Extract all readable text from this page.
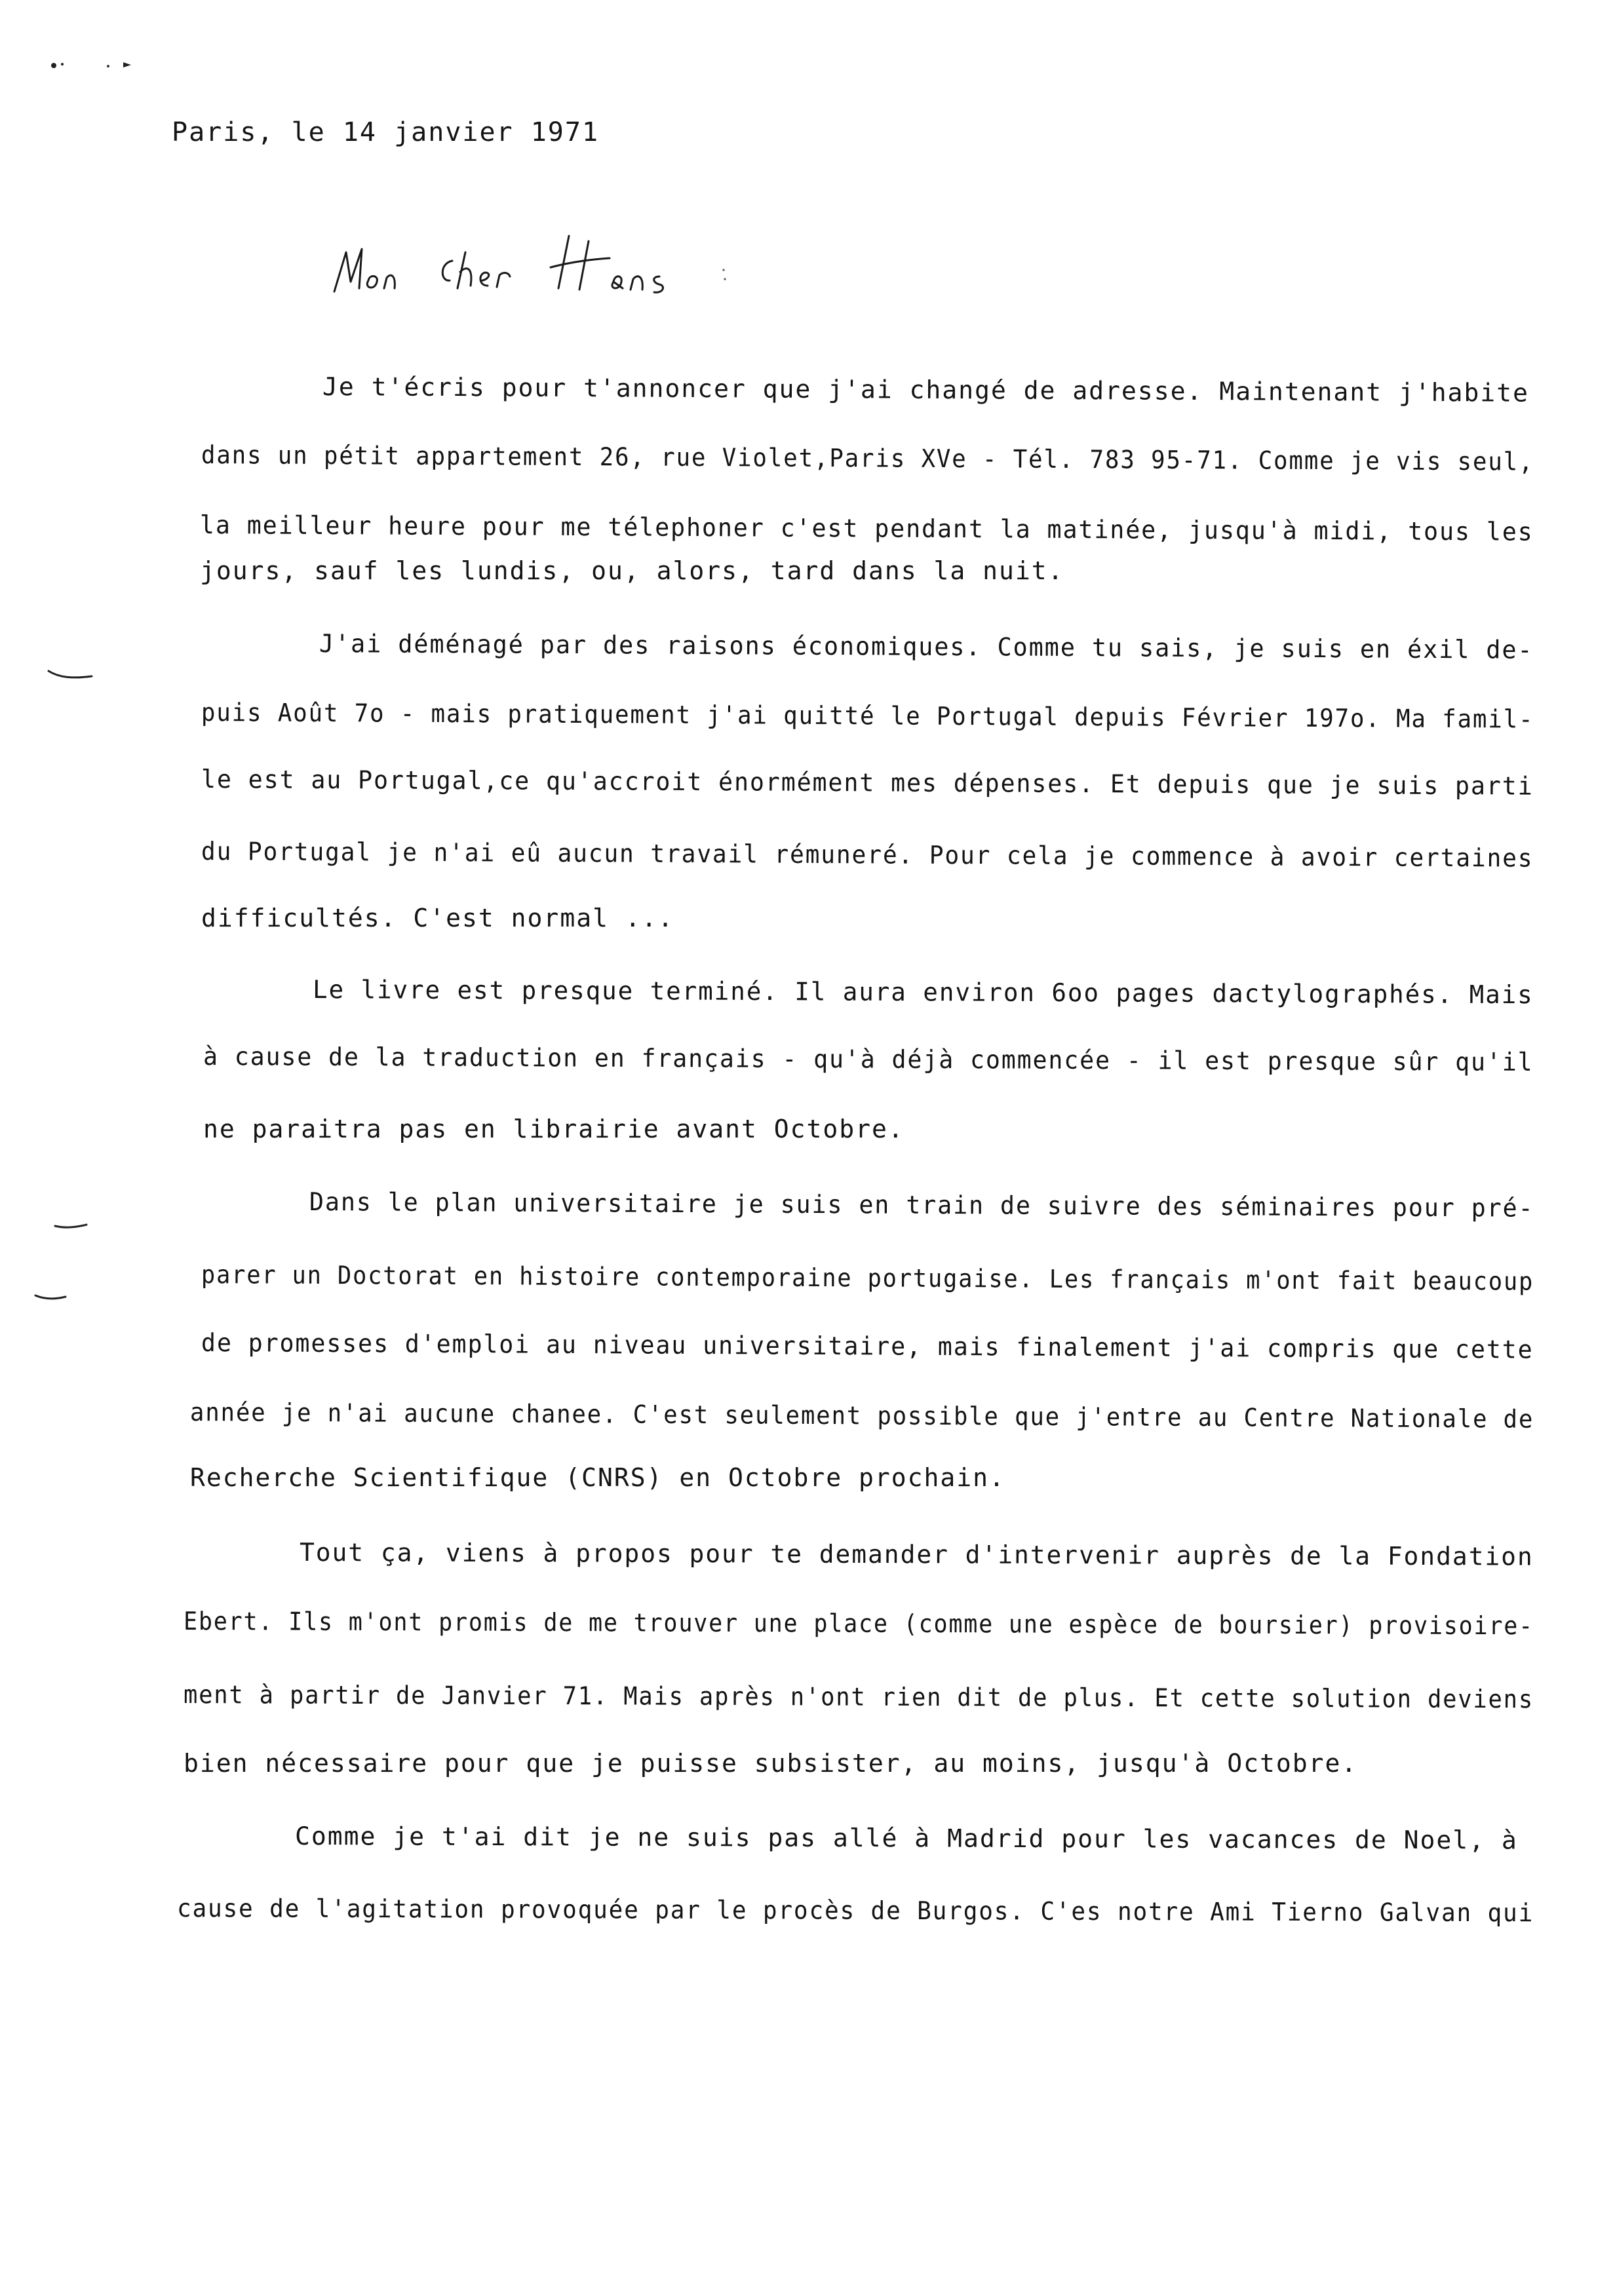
Paris, le 14 janvier 1971
Je t'écris pour t'annoncer que j'ai changé de adresse. Maintenant j'habite
dans un pétit appartement 26, rue Violet,Paris XVe - Tél. 783 95-71. Comme je vis seul,
la meilleur heure pour me télephoner c'est pendant la matinée, jusqu'à midi, tous les
jours, sauf les lundis, ou, alors, tard dans la nuit.
J'ai déménagé par des raisons économiques. Comme tu sais, je suis en éxil de-
puis Août 7o - mais pratiquement j'ai quitté le Portugal depuis Février 197o. Ma famil-
le est au Portugal,ce qu'accroit énormément mes dépenses. Et depuis que je suis parti
du Portugal je n'ai eû aucun travail rémuneré. Pour cela je commence à avoir certaines
difficultés. C'est normal ...
Le livre est presque terminé. Il aura environ 6oo pages dactylographés. Mais
à cause de la traduction en français - qu'à déjà commencée - il est presque sûr qu'il
ne paraitra pas en librairie avant Octobre.
Dans le plan universitaire je suis en train de suivre des séminaires pour pré-
parer un Doctorat en histoire contemporaine portugaise. Les français m'ont fait beaucoup
de promesses d'emploi au niveau universitaire, mais finalement j'ai compris que cette
année je n'ai aucune chanee. C'est seulement possible que j'entre au Centre Nationale de
Recherche Scientifique (CNRS) en Octobre prochain.
Tout ça, viens à propos pour te demander d'intervenir auprès de la Fondation
Ebert. Ils m'ont promis de me trouver une place (comme une espèce de boursier) provisoire-
ment à partir de Janvier 71. Mais après n'ont rien dit de plus. Et cette solution deviens
bien nécessaire pour que je puisse subsister, au moins, jusqu'à Octobre.
Comme je t'ai dit je ne suis pas allé à Madrid pour les vacances de Noel, à
cause de l'agitation provoquée par le procès de Burgos. C'es notre Ami Tierno Galvan qui
